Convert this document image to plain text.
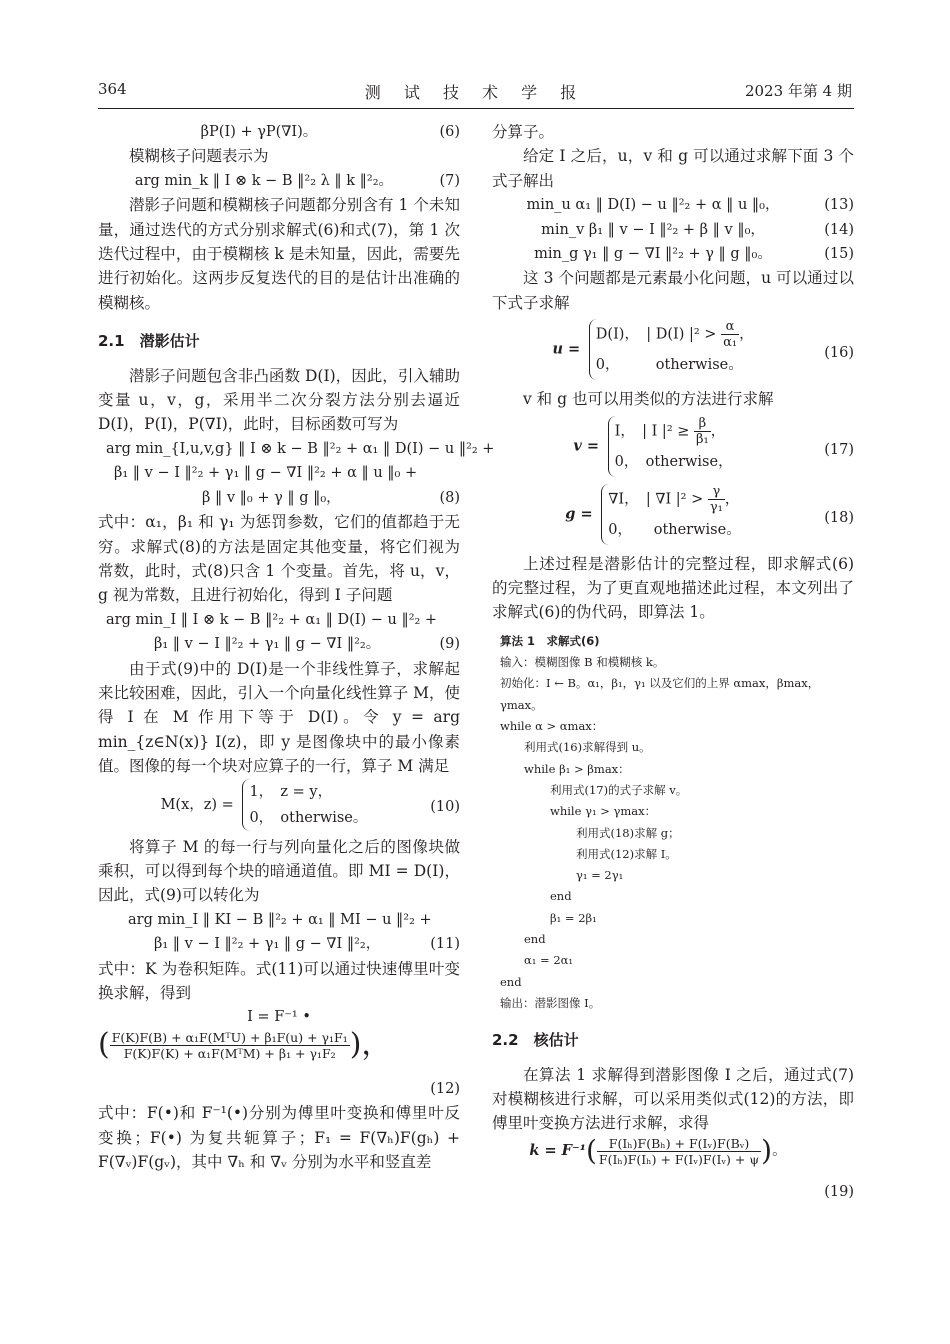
364	测 试 技 术 学 报	2023 年第 4 期
βP(I) + γP(∇I)。	(6)

模糊核子问题表示为

arg min_k ‖ I ⊗ k − B ‖²₂ λ ‖ k ‖²₂。	(7)

潜影子问题和模糊核子问题都分别含有 1 个未知量，通过迭代的方式分别求解式(6)和式(7)，第 1 次迭代过程中，由于模糊核 k 是未知量，因此，需要先进行初始化。这两步反复迭代的目的是估计出准确的模糊核。

2.1　潜影估计

潜影子问题包含非凸函数 D(I)，因此，引入辅助变量 u，v，g，采用半二次分裂方法分别去逼近 D(I)，P(I)，P(∇I)，此时，目标函数可写为

arg min_{I,u,v,g} ‖ I ⊗ k − B ‖²₂ + α₁ ‖ D(I) − u ‖²₂ +
β₁ ‖ v − I ‖²₂ + γ₁ ‖ g − ∇I ‖²₂ + α ‖ u ‖₀ +
β ‖ v ‖₀ + γ ‖ g ‖₀，	(8)

式中：α₁，β₁ 和 γ₁ 为惩罚参数，它们的值都趋于无穷。求解式(8)的方法是固定其他变量，将它们视为常数，此时，式(8)只含 1 个变量。首先，将 u，v，g 视为常数，且进行初始化，得到 I 子问题

arg min_I ‖ I ⊗ k − B ‖²₂ + α₁ ‖ D(I) − u ‖²₂ +
β₁ ‖ v − I ‖²₂ + γ₁ ‖ g − ∇I ‖²₂。	(9)

由于式(9)中的 D(I)是一个非线性算子，求解起来比较困难，因此，引入一个向量化线性算子 M，使得 I 在 M 作用下等于 D(I)。令 y = arg min_{z∈N(x)} I(z)，即 y 是图像块中的最小像素值。图像的每一个块对应算子的一行，算子 M 满足

M(x，z) =
1，　z = y，
0，　otherwise。
(10)

将算子 M 的每一行与列向量化之后的图像块做乘积，可以得到每个块的暗通道值。即 MI = D(I)，因此，式(9)可以转化为

arg min_I ‖ KI − B ‖²₂ + α₁ ‖ MI − u ‖²₂ +
β₁ ‖ v − I ‖²₂ + γ₁ ‖ g − ∇I ‖²₂，	(11)

式中：K 为卷积矩阵。式(11)可以通过快速傅里叶变换求解，得到

I = F⁻¹ •
( $\frac{\text{F(K)F(B) + α₁F(MᵀU) + β₁F(u) + γ₁F₁}}{\text{F(K)F(K) + α₁F(MᵀM) + β₁ + γ₁F₂}}$ )，
(12)

式中：F(•)和 F⁻¹(•)分别为傅里叶变换和傅里叶反变换；F(•) 为复共轭算子；F₁ = F(∇ₕ)F(gₕ) + F(∇ᵥ)F(gᵥ)，其中 ∇ₕ 和 ∇ᵥ 分别为水平和竖直差

分算子。

给定 I 之后，u，v 和 g 可以通过求解下面 3 个式子解出

min_u α₁ ‖ D(I) − u ‖²₂ + α ‖ u ‖₀，	(13)
min_v β₁ ‖ v − I ‖²₂ + β ‖ v ‖₀，	(14)
min_g γ₁ ‖ g − ∇I ‖²₂ + γ ‖ g ‖₀。	(15)

这 3 个问题都是元素最小化问题，u 可以通过以下式子求解

u =
D(I)，　| D(I) $|^2 > \frac{\alpha}{\text{α₁}}$ ，
0，　　　otherwise。
(16)

v 和 g 也可以用类似的方法进行求解

v =
I，　| I $|^2 \ge \frac{\beta}{\text{β₁}}$ ，
0，　otherwise，
(17)
g =
∇I，　| ∇I $|^2 > \frac{\gamma}{\text{γ₁}}$ ，
0，　　otherwise。
(18)

上述过程是潜影估计的完整过程，即求解式(6) 的完整过程，为了更直观地描述此过程，本文列出了求解式(6)的伪代码，即算法 1。

算法 1　求解式(6)
输入：模糊图像 B 和模糊核 k。
初始化：I ← B。α₁，β₁，γ₁ 以及它们的上界 αmax，βmax，γmax。
while α > αmax：
利用式(16)求解得到 u。
while β₁ > βmax：
利用式(17)的式子求解 v。
while γ₁ > γmax：
利用式(18)求解 g；
利用式(12)求解 I。
γ₁ = 2γ₁
end
β₁ = 2β₁
end
α₁ = 2α₁
end
输出：潜影图像 I。
2.2　核估计

在算法 1 求解得到潜影图像 I 之后，通过式(7)对模糊核进行求解，可以采用类似式(12)的方法，即傅里叶变换方法进行求解，求得

k = F⁻¹ ( $\frac{\text{F(Iₕ)F(Bₕ) + F(Iᵥ)F(Bᵥ)}}{\text{F(Iₕ)F(Iₕ) + F(Iᵥ)F(Iᵥ) + ψ}}$ ) 。
(19)
